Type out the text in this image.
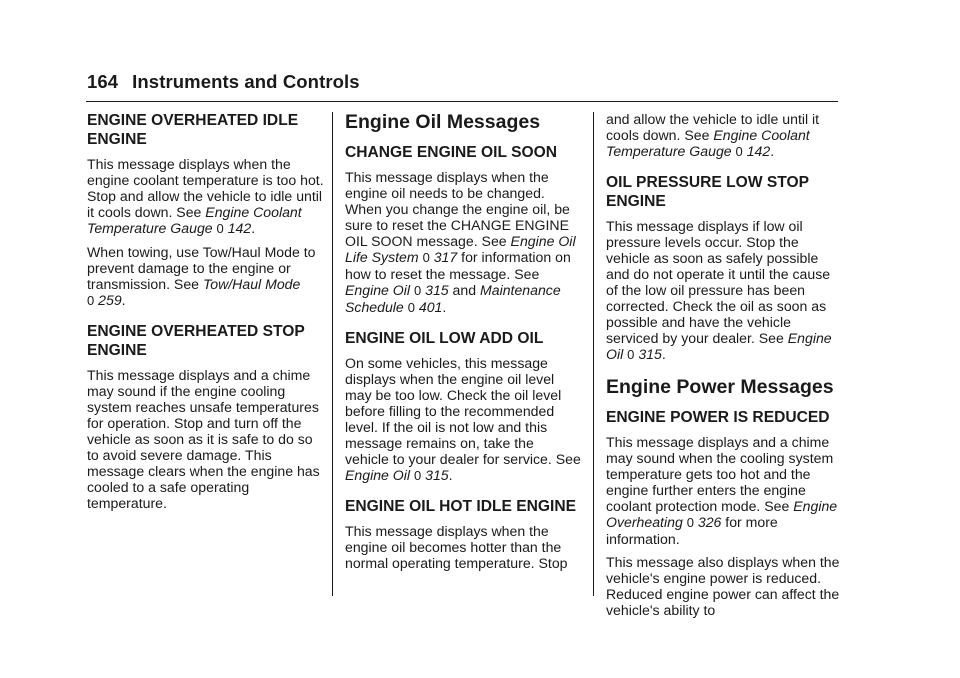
164 Instruments and Controls
ENGINE OVERHEATED IDLE ENGINE

This message displays when the engine coolant temperature is too hot. Stop and allow the vehicle to idle until it cools down. See Engine Coolant Temperature Gauge 0 142.

When towing, use Tow/Haul Mode to prevent damage to the engine or transmission. See Tow/Haul Mode
0 259.

ENGINE OVERHEATED STOP ENGINE

This message displays and a chime may sound if the engine cooling system reaches unsafe temperatures for operation. Stop and turn off the vehicle as soon as it is safe to do so to avoid severe damage. This message clears when the engine has cooled to a safe operating temperature.

Engine Oil Messages
CHANGE ENGINE OIL SOON

This message displays when the engine oil needs to be changed. When you change the engine oil, be sure to reset the CHANGE ENGINE OIL SOON message. See Engine Oil Life System 0 317 for information on how to reset the message. See Engine Oil 0 315 and Maintenance Schedule 0 401.

ENGINE OIL LOW ADD OIL

On some vehicles, this message displays when the engine oil level may be too low. Check the oil level before filling to the recommended level. If the oil is not low and this message remains on, take the vehicle to your dealer for service. See Engine Oil 0 315.

ENGINE OIL HOT IDLE ENGINE

This message displays when the engine oil becomes hotter than the normal operating temperature. Stop

and allow the vehicle to idle until it cools down. See Engine Coolant Temperature Gauge 0 142.

OIL PRESSURE LOW STOP ENGINE

This message displays if low oil pressure levels occur. Stop the vehicle as soon as safely possible and do not operate it until the cause of the low oil pressure has been corrected. Check the oil as soon as possible and have the vehicle serviced by your dealer. See Engine Oil 0 315.

Engine Power Messages
ENGINE POWER IS REDUCED

This message displays and a chime may sound when the cooling system temperature gets too hot and the engine further enters the engine coolant protection mode. See Engine Overheating 0 326 for more information.

This message also displays when the vehicle's engine power is reduced. Reduced engine power can affect the vehicle's ability to
